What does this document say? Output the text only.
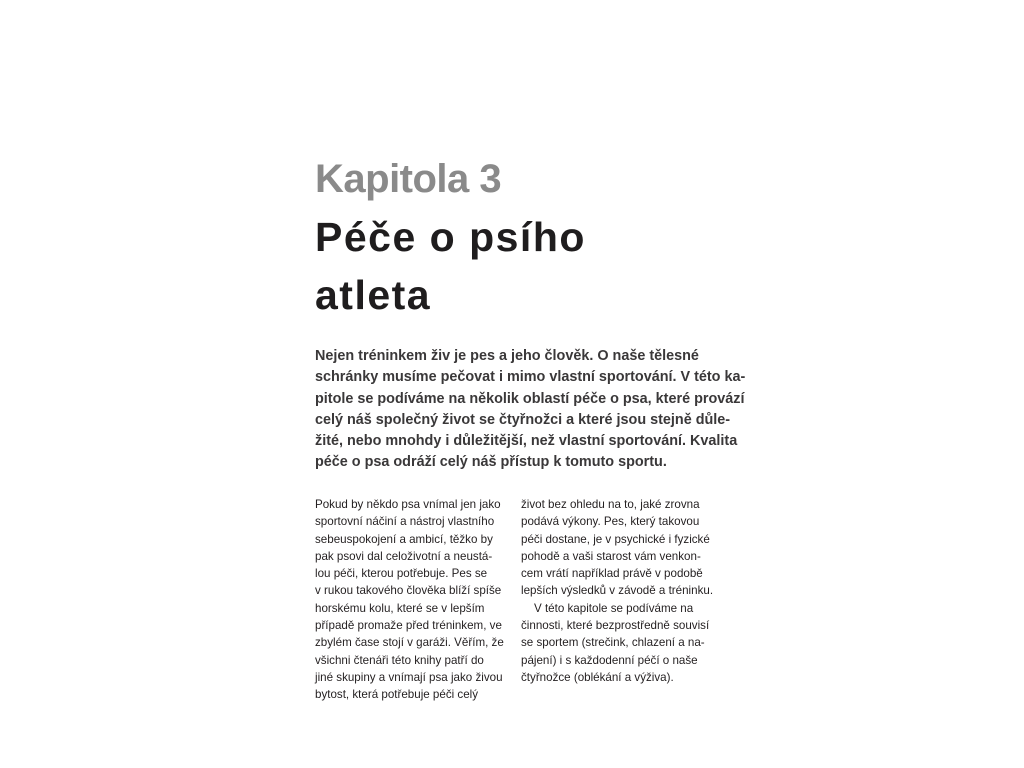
Kapitola 3
Péče o psího
atleta

Nejen tréninkem živ je pes a jeho člověk. O naše tělesné
schránky musíme pečovat i mimo vlastní sportování. V této ka-
pitole se podíváme na několik oblastí péče o psa, které provází
celý náš společný život se čtyřnožci a které jsou stejně důle-
žité, nebo mnohdy i důležitější, než vlastní sportování. Kvalita
péče o psa odráží celý náš přístup k tomuto sportu.

Pokud by někdo psa vnímal jen jako
sportovní náčiní a nástroj vlastního
sebeuspokojení a ambicí, těžko by
pak psovi dal celoživotní a neustá-
lou péči, kterou potřebuje. Pes se
v rukou takového člověka blíží spíše
horskému kolu, které se v lepším
případě promaže před tréninkem, ve
zbylém čase stojí v garáži. Věřím, že
všichni čtenáři této knihy patří do
jiné skupiny a vnímají psa jako živou
bytost, která potřebuje péči celý
život bez ohledu na to, jaké zrovna
podává výkony. Pes, který takovou
péči dostane, je v psychické i fyzické
pohodě a vaši starost vám venkon-
cem vrátí například právě v podobě
lepších výsledků v závodě a tréninku.
V této kapitole se podíváme na
činnosti, které bezprostředně souvisí
se sportem (strečink, chlazení a na-
pájení) i s každodenní péčí o naše
čtyřnožce (oblékání a výživa).
